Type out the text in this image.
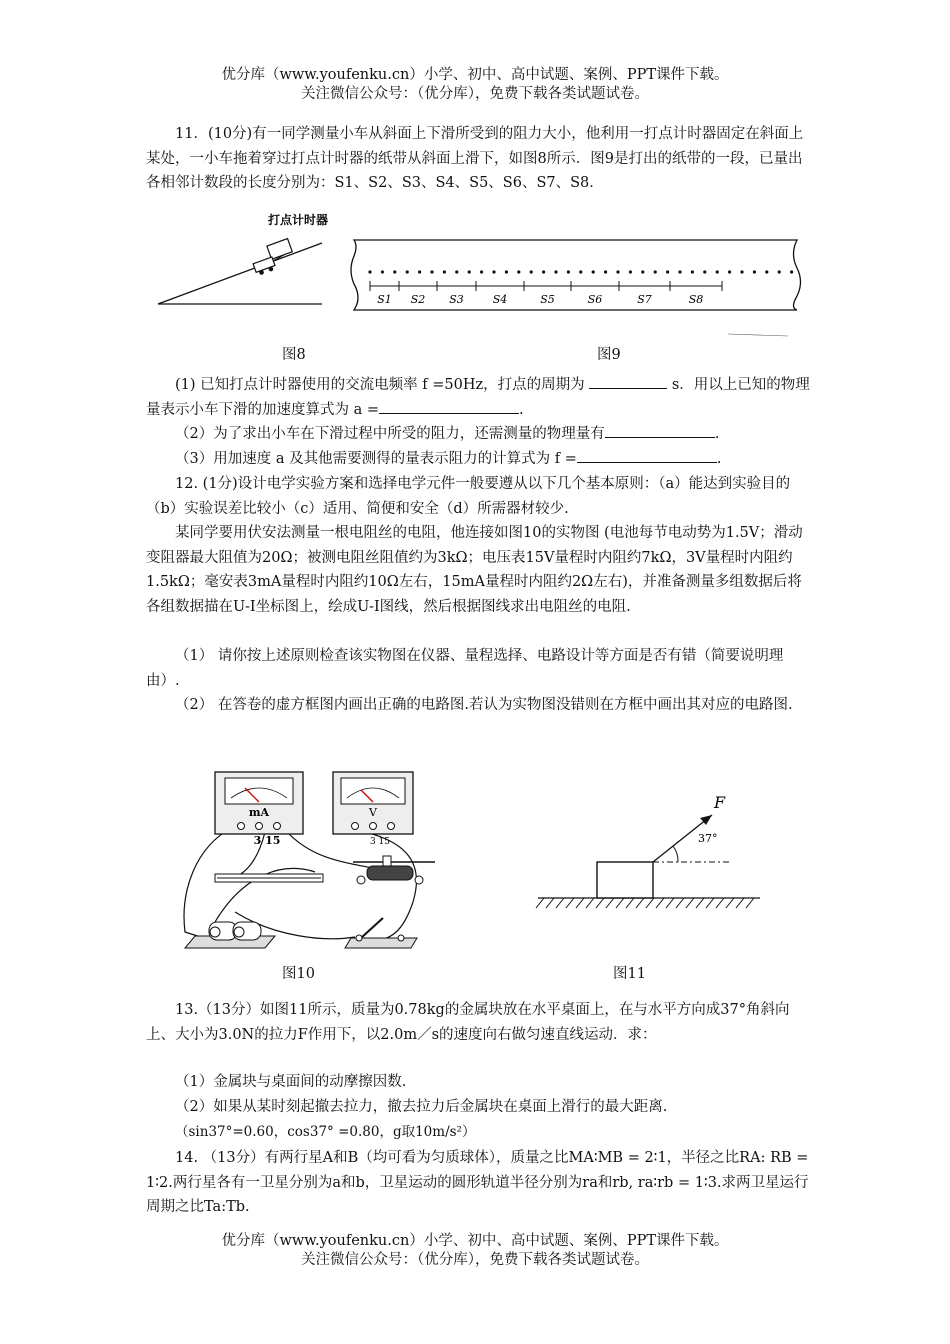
优分库（www.youfenku.cn）小学、初中、高中试题、案例、PPT课件下载。
关注微信公众号：（优分库），免费下载各类试题试卷。
11．(10分)有一同学测量小车从斜面上下滑所受到的阻力大小，他利用一打点计时器固定在斜面上某处，一小车拖着穿过打点计时器的纸带从斜面上滑下，如图8所示．图9是打出的纸带的一段，已量出各相邻计数段的长度分别为：S1、S2、S3、S4、S5、S6、S7、S8．
打点计时器
图8
S1 S2 S3	S4	S5	S6	S7	S8
图9
(1) 已知打点计时器使用的交流电频率 f =50Hz，打点的周期为	s．用以上已知的物理量表示小车下滑的加速度算式为 a =	.
（2）为了求出小车在下滑过程中所受的阻力，还需测量的物理量有	.
（3）用加速度 a 及其他需要测得的量表示阻力的计算式为 f =	.
12. (1分)设计电学实验方案和选择电学元件一般要遵从以下几个基本原则：（a）能达到实验目的（b）实验误差比较小（c）适用、简便和安全（d）所需器材较少.
某同学要用伏安法测量一根电阻丝的电阻，他连接如图10的实物图 (电池每节电动势为1.5V；滑动变阻器最大阻值为20Ω；被测电阻丝阻值约为3kΩ；电压表15V量程时内阻约7kΩ，3V量程时内阻约1.5kΩ；毫安表3mA量程时内阻约10Ω左右，15mA量程时内阻约2Ω左右)，并准备测量多组数据后将各组数据描在U-I坐标图上，绘成U-I图线，然后根据图线求出电阻丝的电阻.
（1） 请你按上述原则检查该实物图在仪器、量程选择、电路设计等方面是否有错（简要说明理由）.
（2） 在答卷的虚方框图内画出正确的电路图.若认为实物图没错则在方框中画出其对应的电路图.
mA
3 15
V
3 15
图10
F
37°
图11
13.（13分）如图11所示，质量为0.78kg的金属块放在水平桌面上，在与水平方向成37°角斜向上、大小为3.0N的拉力F作用下，以2.0m／s的速度向右做匀速直线运动．求：
（1）金属块与桌面间的动摩擦因数.
（2）如果从某时刻起撤去拉力，撤去拉力后金属块在桌面上滑行的最大距离.
（sin37°=0.60，cos37° =0.80，g取10m/s²）
14. （13分）有两行星A和B（均可看为匀质球体），质量之比MA∶MB = 2∶1，半径之比RA: RB = 1∶2.两行星各有一卫星分别为a和b，卫星运动的圆形轨道半径分别为ra和rb, ra∶rb = 1∶3.求两卫星运行周期之比Ta:Tb.
优分库（www.youfenku.cn）小学、初中、高中试题、案例、PPT课件下载。
关注微信公众号：（优分库），免费下载各类试题试卷。
